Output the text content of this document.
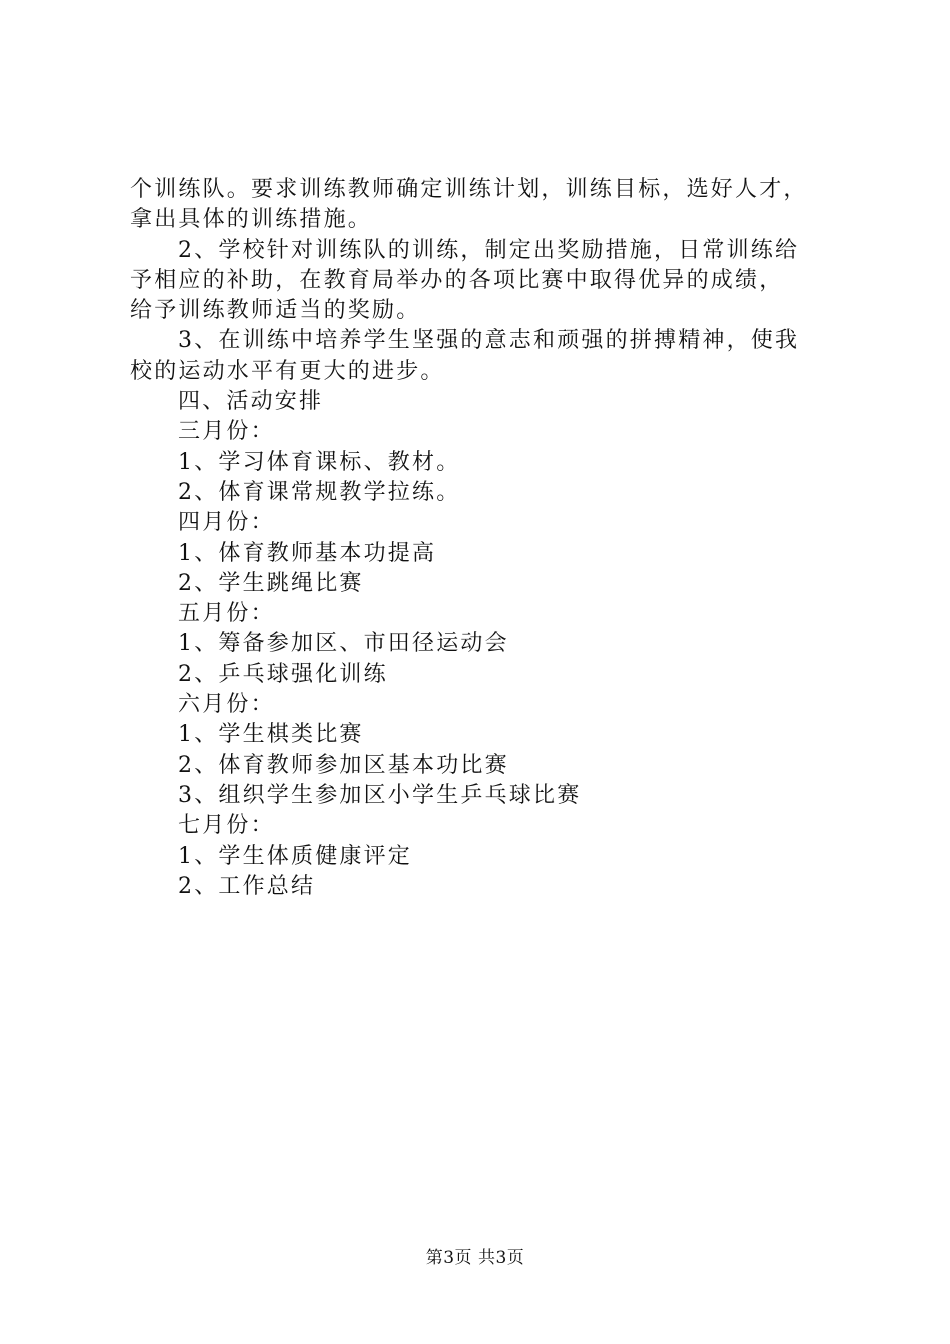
个训练队。要求训练教师确定训练计划，训练目标，选好人才，

拿出具体的训练措施。

2、学校针对训练队的训练，制定出奖励措施，日常训练给

予相应的补助，在教育局举办的各项比赛中取得优异的成绩，

给予训练教师适当的奖励。

3、在训练中培养学生坚强的意志和顽强的拼搏精神，使我

校的运动水平有更大的进步。

四、活动安排

三月份：

1、学习体育课标、教材。

2、体育课常规教学拉练。

四月份：

1、体育教师基本功提高

2、学生跳绳比赛

五月份：

1、筹备参加区、市田径运动会

2、乒乓球强化训练

六月份：

1、学生棋类比赛

2、体育教师参加区基本功比赛

3、组织学生参加区小学生乒乓球比赛

七月份：

1、学生体质健康评定

2、工作总结

第3页 共3页
